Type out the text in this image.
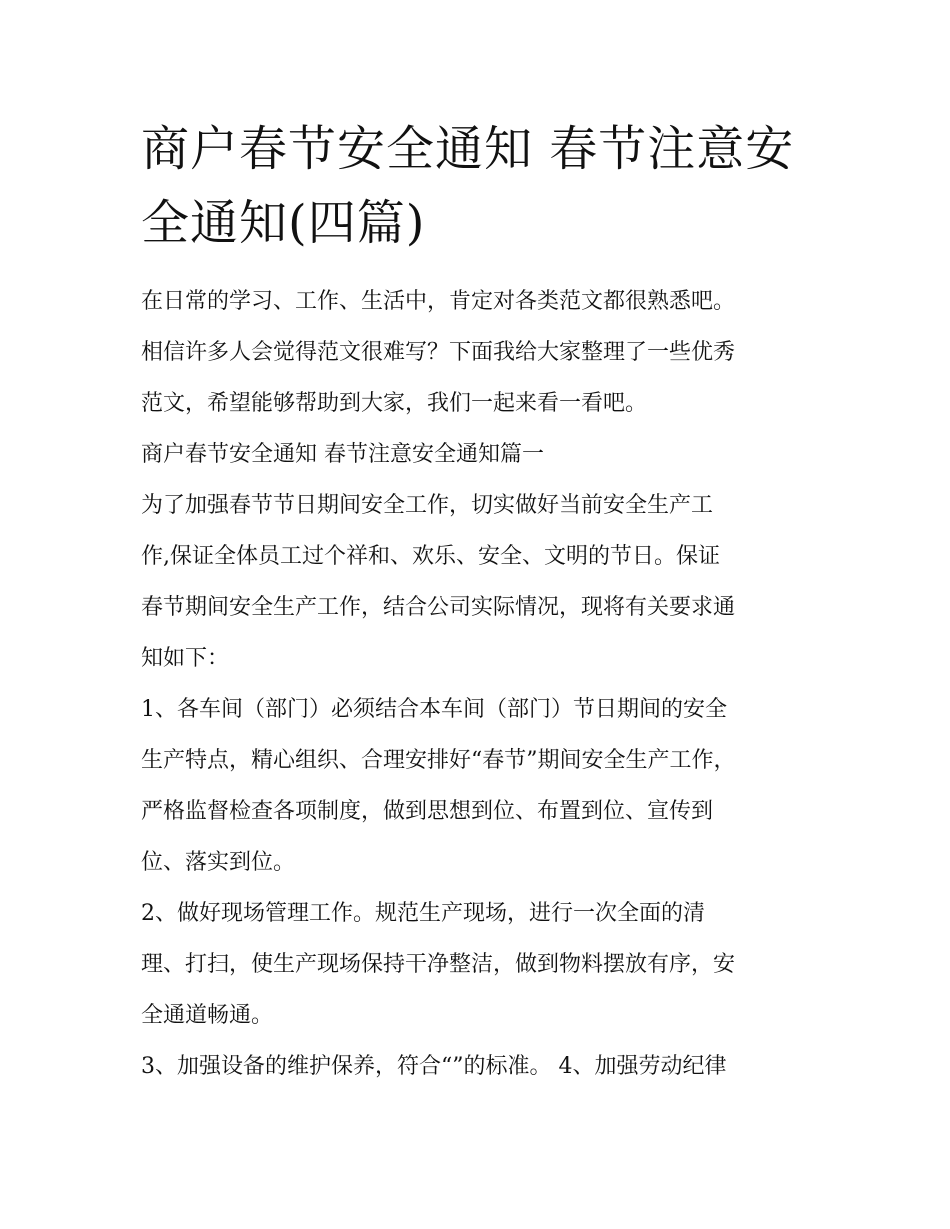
商户春节安全通知 春节注意安
全通知(四篇)

在日常的学习、工作、生活中，肯定对各类范文都很熟悉吧。
相信许多人会觉得范文很难写？下面我给大家整理了一些优秀
范文，希望能够帮助到大家，我们一起来看一看吧。

商户春节安全通知 春节注意安全通知篇一

为了加强春节节日期间安全工作，切实做好当前安全生产工
作,保证全体员工过个祥和、欢乐、安全、文明的节日。保证
春节期间安全生产工作，结合公司实际情况，现将有关要求通
知如下：

1、各车间（部门）必须结合本车间（部门）节日期间的安全
生产特点，精心组织、合理安排好“春节”期间安全生产工作，
严格监督检查各项制度，做到思想到位、布置到位、宣传到
位、落实到位。

2、做好现场管理工作。规范生产现场，进行一次全面的清
理、打扫，使生产现场保持干净整洁，做到物料摆放有序，安
全通道畅通。

3、加强设备的维护保养，符合“”的标准。 4、加强劳动纪律
